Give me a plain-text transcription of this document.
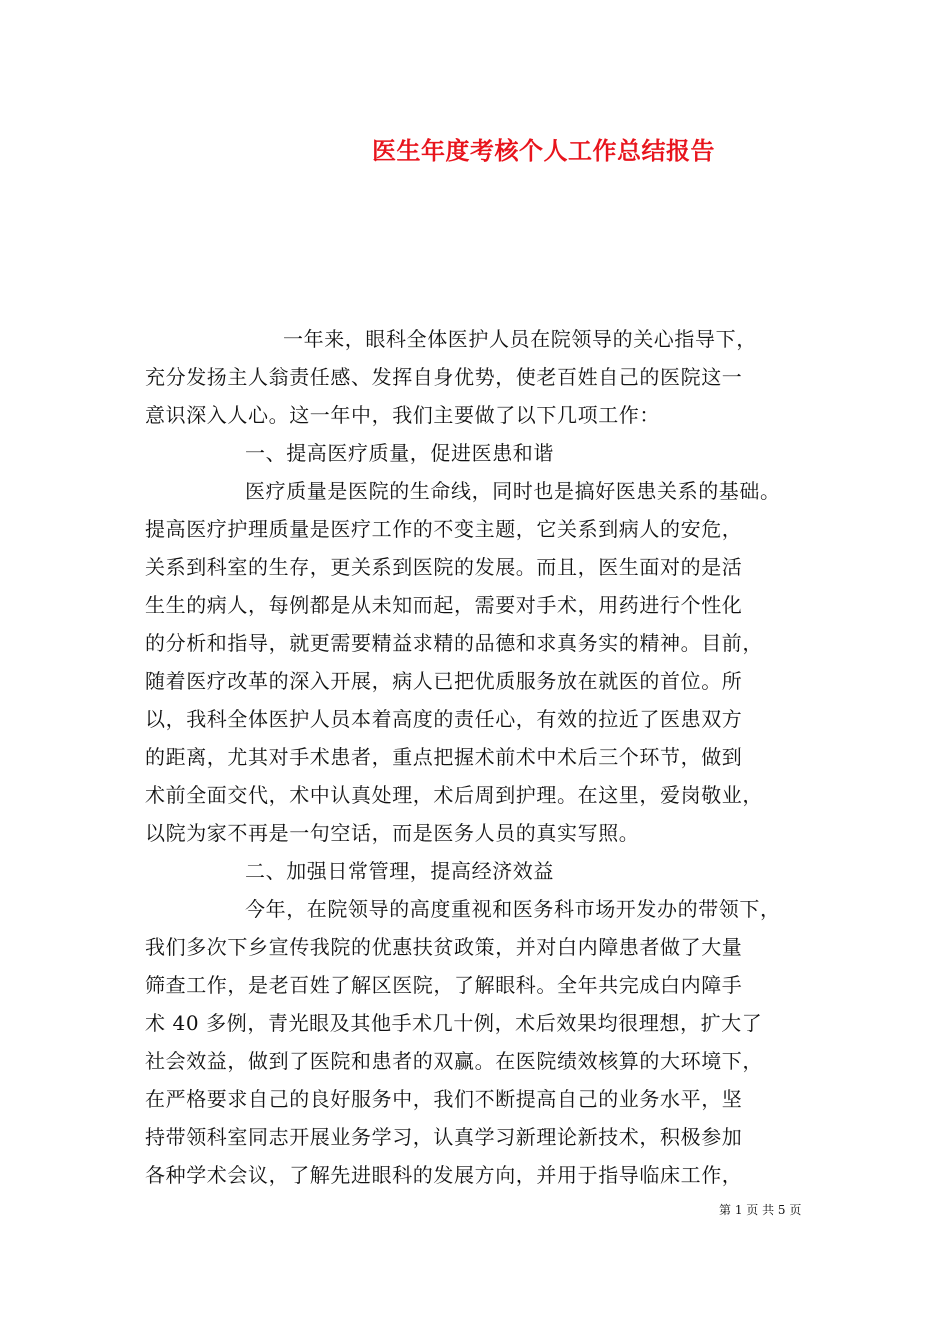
医生年度考核个人工作总结报告
一年来，眼科全体医护人员在院领导的关心指导下，
充分发扬主人翁责任感、发挥自身优势，使老百姓自己的医院这一
意识深入人心。这一年中，我们主要做了以下几项工作：
一、提高医疗质量，促进医患和谐
医疗质量是医院的生命线，同时也是搞好医患关系的基础。
提高医疗护理质量是医疗工作的不变主题，它关系到病人的安危，
关系到科室的生存，更关系到医院的发展。而且，医生面对的是活
生生的病人，每例都是从未知而起，需要对手术，用药进行个性化
的分析和指导，就更需要精益求精的品德和求真务实的精神。目前，
随着医疗改革的深入开展，病人已把优质服务放在就医的首位。所
以，我科全体医护人员本着高度的责任心，有效的拉近了医患双方
的距离，尤其对手术患者，重点把握术前术中术后三个环节，做到
术前全面交代，术中认真处理，术后周到护理。在这里，爱岗敬业，
以院为家不再是一句空话，而是医务人员的真实写照。
二、加强日常管理，提高经济效益
今年，在院领导的高度重视和医务科市场开发办的带领下，
我们多次下乡宣传我院的优惠扶贫政策，并对白内障患者做了大量
筛查工作，是老百姓了解区医院，了解眼科。全年共完成白内障手
术 40 多例，青光眼及其他手术几十例，术后效果均很理想，扩大了
社会效益，做到了医院和患者的双赢。在医院绩效核算的大环境下，
在严格要求自己的良好服务中，我们不断提高自己的业务水平，坚
持带领科室同志开展业务学习，认真学习新理论新技术，积极参加
各种学术会议，了解先进眼科的发展方向，并用于指导临床工作，
第 1 页 共 5 页
